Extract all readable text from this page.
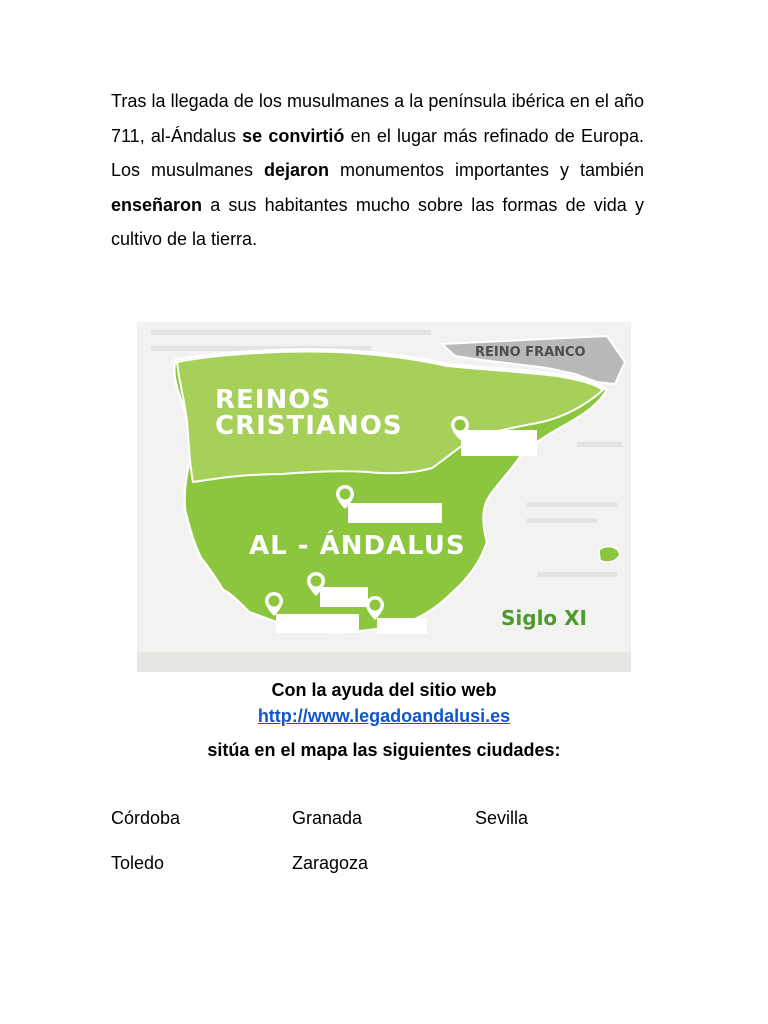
Tras la llegada de los musulmanes a la península ibérica en el año 711, al-Ándalus se convirtió en el lugar más refinado de Europa. Los musulmanes dejaron monumentos importantes y también enseñaron a sus habitantes mucho sobre las formas de vida y cultivo de la tierra.

REINO FRANCO
REINOS
CRISTIANOS
AL - ÁNDALUS
Siglo XI

Con la ayuda del sitio web

http://www.legadoandalusi.es

sitúa en el mapa las siguientes ciudades:

Córdoba	Granada	Sevilla

Toledo	Zaragoza
